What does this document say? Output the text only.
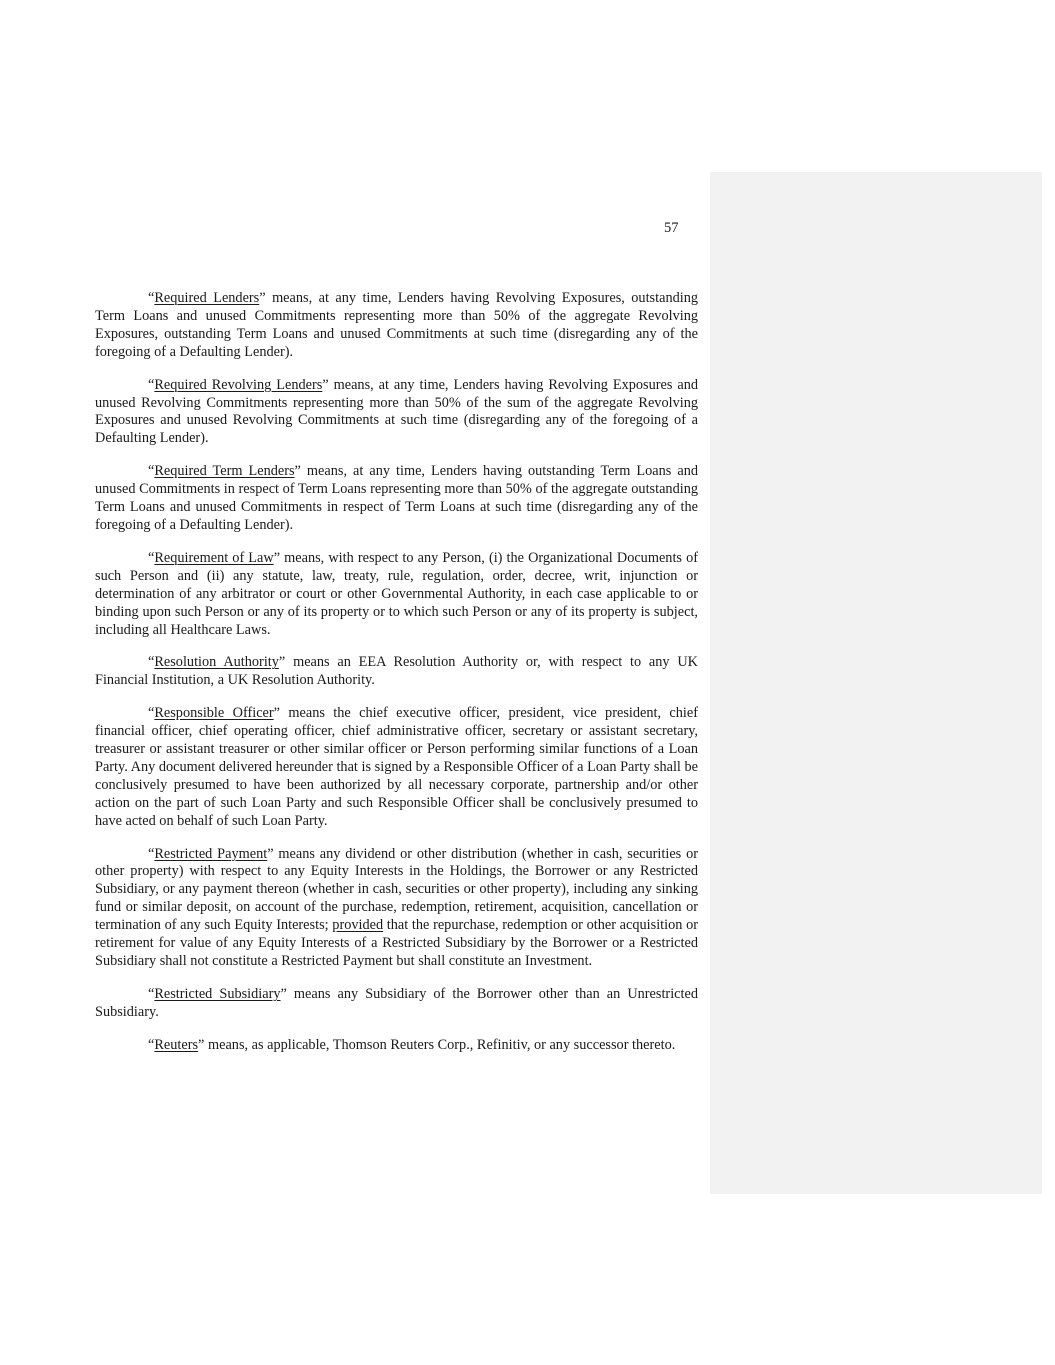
57

“Required Lenders” means, at any time, Lenders having Revolving Exposures, outstanding Term Loans and unused Commitments representing more than 50% of the aggregate Revolving Exposures, outstanding Term Loans and unused Commitments at such time (disregarding any of the foregoing of a Defaulting Lender).

“Required Revolving Lenders” means, at any time, Lenders having Revolving Exposures and unused Revolving Commitments representing more than 50% of the sum of the aggregate Revolving Exposures and unused Revolving Commitments at such time (disregarding any of the foregoing of a Defaulting Lender).

“Required Term Lenders” means, at any time, Lenders having outstanding Term Loans and unused Commitments in respect of Term Loans representing more than 50% of the aggregate outstanding Term Loans and unused Commitments in respect of Term Loans at such time (disregarding any of the foregoing of a Defaulting Lender).

“Requirement of Law” means, with respect to any Person, (i) the Organizational Documents of such Person and (ii) any statute, law, treaty, rule, regulation, order, decree, writ, injunction or determination of any arbitrator or court or other Governmental Authority, in each case applicable to or binding upon such Person or any of its property or to which such Person or any of its property is subject, including all Healthcare Laws.

“Resolution Authority” means an EEA Resolution Authority or, with respect to any UK Financial Institution, a UK Resolution Authority.

“Responsible Officer” means the chief executive officer, president, vice president, chief financial officer, chief operating officer, chief administrative officer, secretary or assistant secretary, treasurer or assistant treasurer or other similar officer or Person performing similar functions of a Loan Party. Any document delivered hereunder that is signed by a Responsible Officer of a Loan Party shall be conclusively presumed to have been authorized by all necessary corporate, partnership and/or other action on the part of such Loan Party and such Responsible Officer shall be conclusively presumed to have acted on behalf of such Loan Party.

“Restricted Payment” means any dividend or other distribution (whether in cash, securities or other property) with respect to any Equity Interests in the Holdings, the Borrower or any Restricted Subsidiary, or any payment thereon (whether in cash, securities or other property), including any sinking fund or similar deposit, on account of the purchase, redemption, retirement, acquisition, cancellation or termination of any such Equity Interests; provided that the repurchase, redemption or other acquisition or retirement for value of any Equity Interests of a Restricted Subsidiary by the Borrower or a Restricted Subsidiary shall not constitute a Restricted Payment but shall constitute an Investment.

“Restricted Subsidiary” means any Subsidiary of the Borrower other than an Unrestricted Subsidiary.

“Reuters” means, as applicable, Thomson Reuters Corp., Refinitiv, or any successor thereto.
